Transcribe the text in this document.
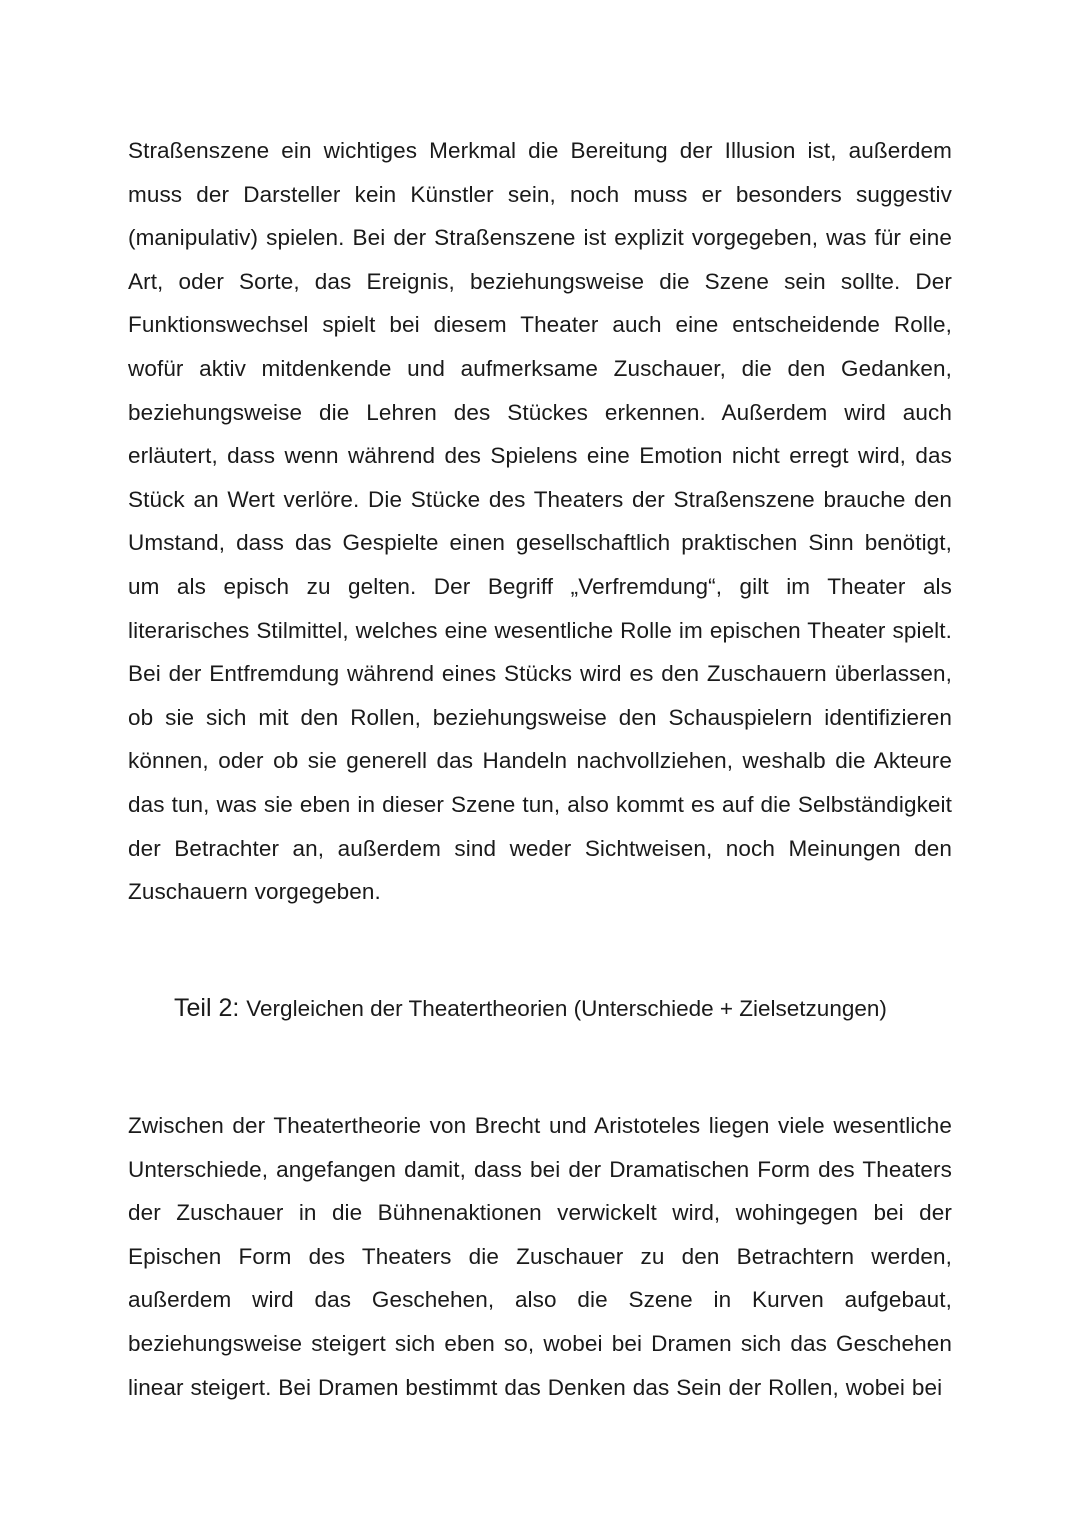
Straßenszene ein wichtiges Merkmal die Bereitung der Illusion ist, außerdem muss der Darsteller kein Künstler sein, noch muss er besonders suggestiv (manipulativ) spielen. Bei der Straßenszene ist explizit vorgegeben, was für eine Art, oder Sorte, das Ereignis, beziehungsweise die Szene sein sollte. Der Funktionswechsel spielt bei diesem Theater auch eine entscheidende Rolle, wofür aktiv mitdenkende und aufmerksame Zuschauer, die den Gedanken, beziehungsweise die Lehren des Stückes erkennen. Außerdem wird auch erläutert, dass wenn während des Spielens eine Emotion nicht erregt wird, das Stück an Wert verlöre. Die Stücke des Theaters der Straßenszene brauche den Umstand, dass das Gespielte einen gesellschaftlich praktischen Sinn benötigt, um als episch zu gelten. Der Begriff „Verfremdung“, gilt im Theater als literarisches Stilmittel, welches eine wesentliche Rolle im epischen Theater spielt. Bei der Entfremdung während eines Stücks wird es den Zuschauern überlassen, ob sie sich mit den Rollen, beziehungsweise den Schauspielern identifizieren können, oder ob sie generell das Handeln nachvollziehen, weshalb die Akteure das tun, was sie eben in dieser Szene tun, also kommt es auf die Selbständigkeit der Betrachter an, außerdem sind weder Sichtweisen, noch Meinungen den Zuschauern vorgegeben.

Teil 2: Vergleichen der Theatertheorien (Unterschiede + Zielsetzungen)

Zwischen der Theatertheorie von Brecht und Aristoteles liegen viele wesentliche Unterschiede, angefangen damit, dass bei der Dramatischen Form des Theaters der Zuschauer in die Bühnenaktionen verwickelt wird, wohingegen bei der Epischen Form des Theaters die Zuschauer zu den Betrachtern werden, außerdem wird das Geschehen, also die Szene in Kurven aufgebaut, beziehungsweise steigert sich eben so, wobei bei Dramen sich das Geschehen linear steigert. Bei Dramen bestimmt das Denken das Sein der Rollen, wobei bei
